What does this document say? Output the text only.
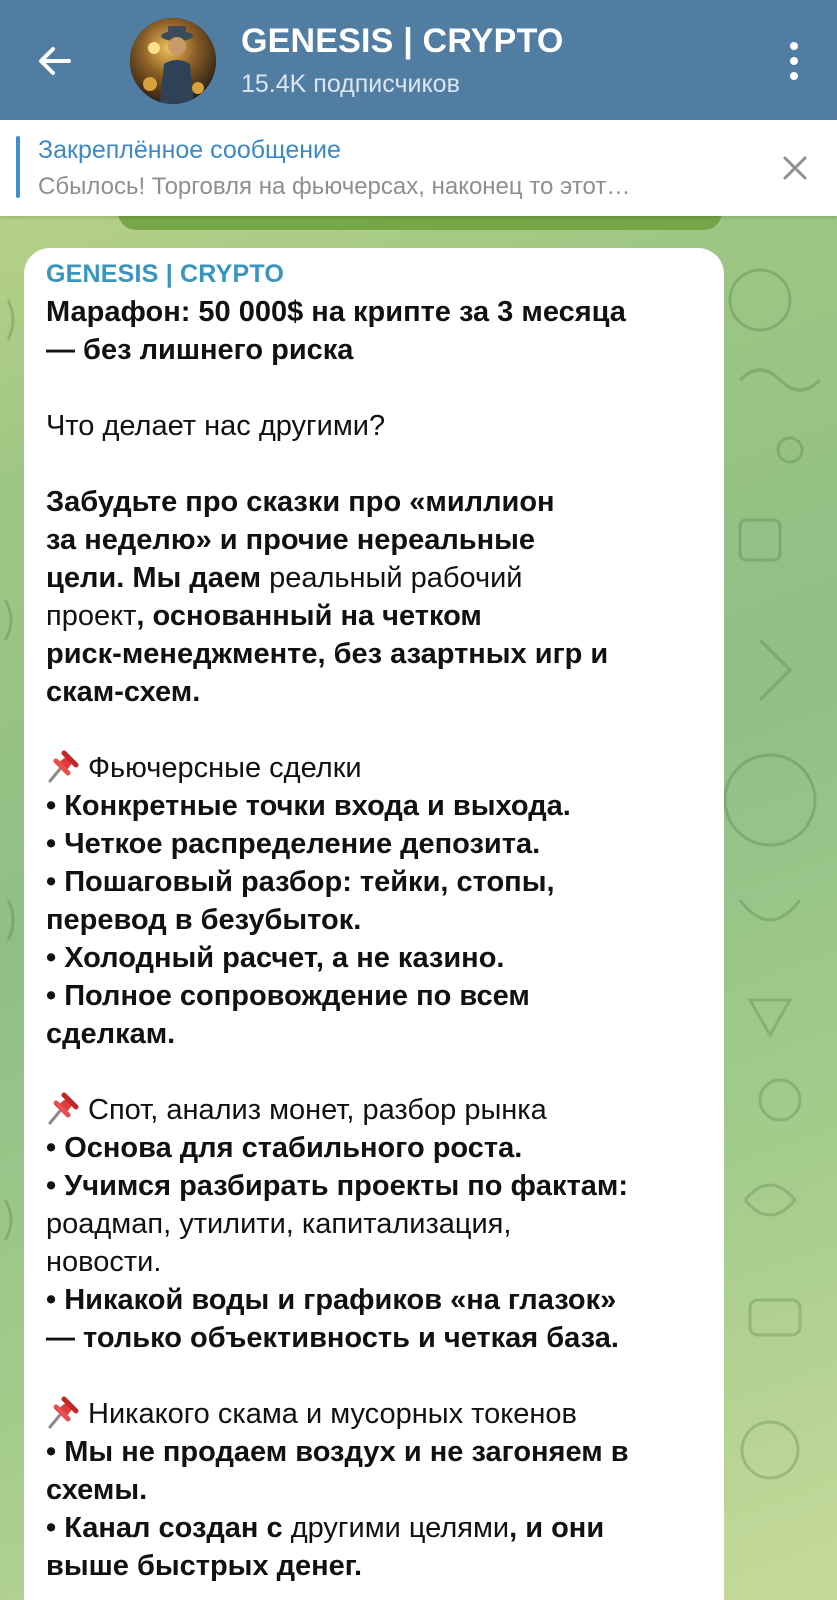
GENESIS | CRYPTO
15.4K подписчиков
Закреплённое сообщение
Сбылось! Торговля на фьючерсах, наконец то этот…
GENESIS | CRYPTO

Марафон: 50 000$ на крипте за 3 месяца

— без лишнего риска

Что делает нас другими?

Забудьте про сказки про «миллион

за неделю» и прочие нереальные

цели. Мы даем реальный рабочий

проект, основанный на четком

риск-менеджменте, без азартных игр и

скам-схем.

Фьючерсные сделки

• Конкретные точки входа и выхода.

• Четкое распределение депозита.

• Пошаговый разбор: тейки, стопы,

перевод в безубыток.

• Холодный расчет, а не казино.

• Полное сопровождение по всем

сделкам.

Спот, анализ монет, разбор рынка

• Основа для стабильного роста.

• Учимся разбирать проекты по фактам:

роадмап, утилити, капитализация,

новости.

• Никакой воды и графиков «на глазок»

— только объективность и четкая база.

Никакого скама и мусорных токенов

• Мы не продаем воздух и не загоняем в

схемы.

• Канал создан с другими целями, и они

выше быстрых денег.
